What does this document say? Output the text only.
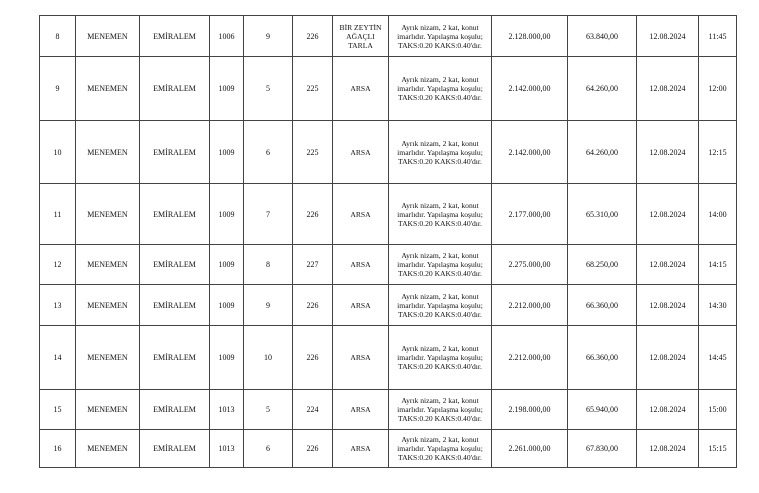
8	MENEMEN	EMİRALEM	1006	9	226	BİR ZEYTİN AĞAÇLI TARLA	Ayrık nizam, 2 kat, konut imarlıdır. Yapılaşma koşulu; TAKS:0.20 KAKS:0.40'dır.	2.128.000,00	63.840,00	12.08.2024	11:45
9	MENEMEN	EMİRALEM	1009	5	225	ARSA	Ayrık nizam, 2 kat, konut imarlıdır. Yapılaşma koşulu; TAKS:0.20 KAKS:0.40'dır.	2.142.000,00	64.260,00	12.08.2024	12:00
10	MENEMEN	EMİRALEM	1009	6	225	ARSA	Ayrık nizam, 2 kat, konut imarlıdır. Yapılaşma koşulu; TAKS:0.20 KAKS:0.40'dır.	2.142.000,00	64.260,00	12.08.2024	12:15
11	MENEMEN	EMİRALEM	1009	7	226	ARSA	Ayrık nizam, 2 kat, konut imarlıdır. Yapılaşma koşulu; TAKS:0.20 KAKS:0.40'dır.	2.177.000,00	65.310,00	12.08.2024	14:00
12	MENEMEN	EMİRALEM	1009	8	227	ARSA	Ayrık nizam, 2 kat, konut imarlıdır. Yapılaşma koşulu; TAKS:0.20 KAKS:0.40'dır.	2.275.000,00	68.250,00	12.08.2024	14:15
13	MENEMEN	EMİRALEM	1009	9	226	ARSA	Ayrık nizam, 2 kat, konut imarlıdır. Yapılaşma koşulu; TAKS:0.20 KAKS:0.40'dır.	2.212.000,00	66.360,00	12.08.2024	14:30
14	MENEMEN	EMİRALEM	1009	10	226	ARSA	Ayrık nizam, 2 kat, konut imarlıdır. Yapılaşma koşulu; TAKS:0.20 KAKS:0.40'dır.	2.212.000,00	66.360,00	12.08.2024	14:45
15	MENEMEN	EMİRALEM	1013	5	224	ARSA	Ayrık nizam, 2 kat, konut imarlıdır. Yapılaşma koşulu; TAKS:0.20 KAKS:0.40'dır.	2.198.000,00	65.940,00	12.08.2024	15:00
16	MENEMEN	EMİRALEM	1013	6	226	ARSA	Ayrık nizam, 2 kat, konut imarlıdır. Yapılaşma koşulu; TAKS:0.20 KAKS:0.40'dır.	2.261.000,00	67.830,00	12.08.2024	15:15
